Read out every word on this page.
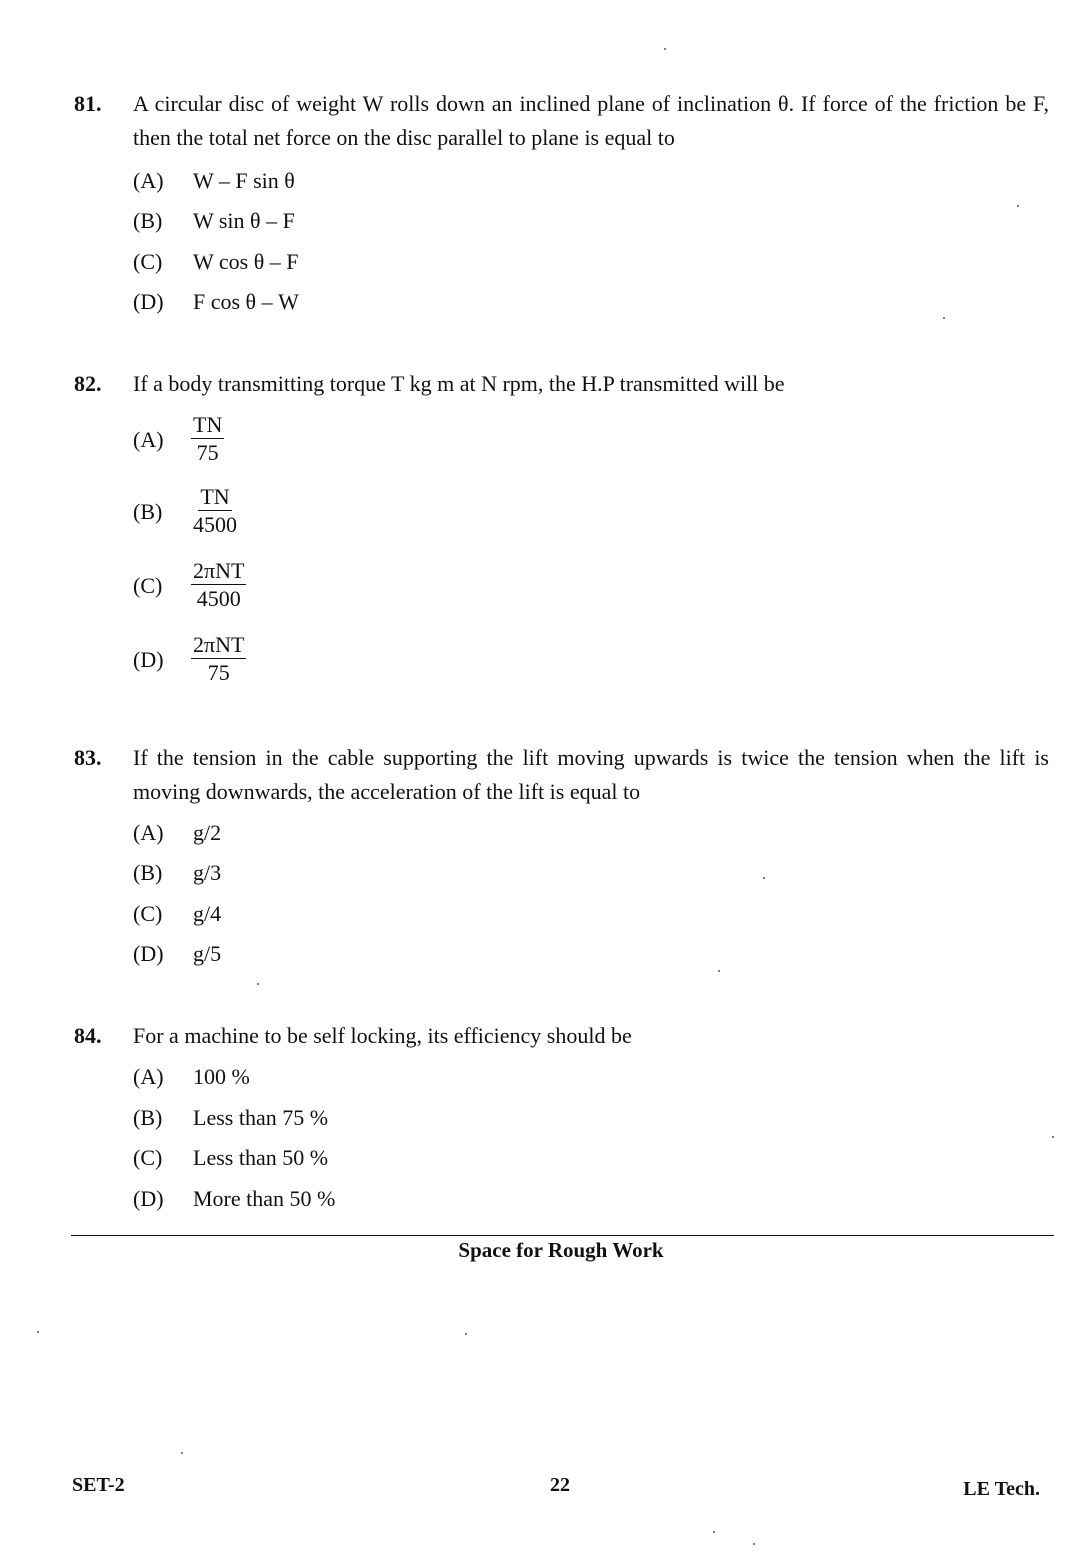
81. A circular disc of weight W rolls down an inclined plane of inclination θ. If force of the friction be F, then the total net force on the disc parallel to plane is equal to
(A) W – F sin θ
(B) W sin θ – F
(C) W cos θ – F
(D) F cos θ – W
82. If a body transmitting torque T kg m at N rpm, the H.P transmitted will be
$(A) \frac{TN}{75}$
$(B) \frac{TN}{4500}$
(C)
2πNT
4500
(D)
2πNT
75
83. If the tension in the cable supporting the lift moving upwards is twice the tension when the lift is moving downwards, the acceleration of the lift is equal to
(A) g/2
(B) g/3
(C) g/4
(D) g/5
84. For a machine to be self locking, its efficiency should be
(A) 100 %
(B) Less than 75 %
(C) Less than 50 %
(D) More than 50 %
Space for Rough Work
SET-2	22	LE Tech.
